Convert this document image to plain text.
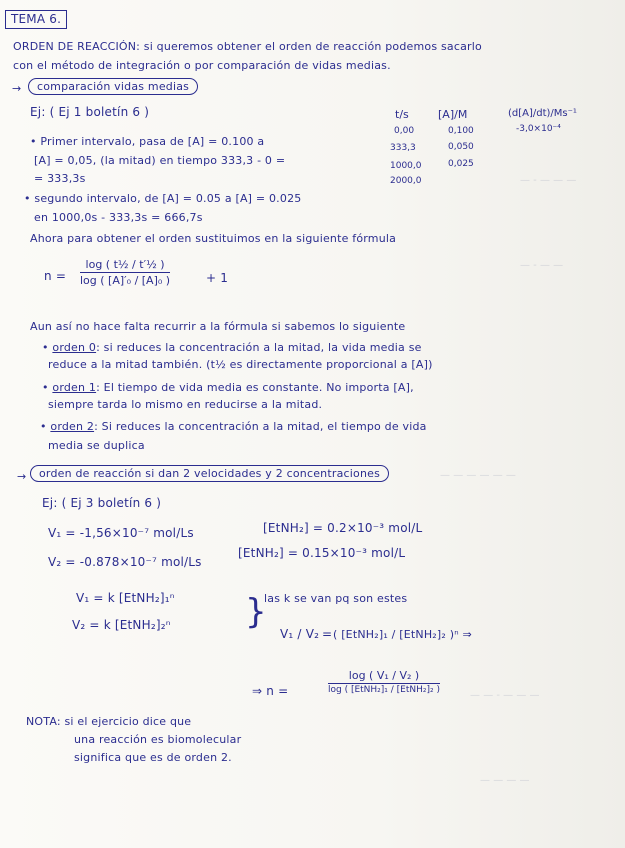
— — — ‑ —
— — ‑ —
— — — — — —
— — — ‑ — —
— — — —
TEMA 6.
ORDEN DE REACCIÓN: si queremos obtener el orden de reacción podemos sacarlo
con el método de integración o por comparación de vidas medias.
→	comparación vidas medias
Ej: ( Ej 1 boletín 6 )	t/s	[A]/M	(d[A]/dt)/Ms⁻¹
0,00	0,100	-3,0×10⁻⁴
333,3	0,050
1000,0	0,025
2000,0
• Primer intervalo, pasa de [A] = 0.100 a
[A] = 0,05, (la mitad) en tiempo 333,3 - 0 =
= 333,3s
• segundo intervalo, de [A] = 0.05 a [A] = 0.025
en 1000,0s - 333,3s = 666,7s
Ahora para obtener el orden sustituimos en la siguiente fórmula
n =
log ( t½ / t′½ )
log ( [A]′₀ / [A]₀ )	+ 1
Aun así no hace falta recurrir a la fórmula si sabemos lo siguiente
• orden 0: si reduces la concentración a la mitad, la vida media se
reduce a la mitad también. (t½ es directamente proporcional a [A])
• orden 1: El tiempo de vida media es constante. No importa [A],
siempre tarda lo mismo en reducirse a la mitad.
• orden 2: Si reduces la concentración a la mitad, el tiempo de vida
media se duplica
→	orden de reacción si dan 2 velocidades y 2 concentraciones
Ej: ( Ej 3 boletín 6 )
V₁ = -1,56×10⁻⁷ mol/Ls	[EtNH₂] = 0.2×10⁻³ mol/L
V₂ = -0.878×10⁻⁷ mol/Ls
[EtNH₂] = 0.15×10⁻³ mol/L
V₁ = k [EtNH₂]₁ⁿ
V₂ = k [EtNH₂]₂ⁿ }
las k se van pq son estes
V₁ / V₂ = ( [EtNH₂]₁ / [EtNH₂]₂ )ⁿ ⇒
⇒ n =
log ( V₁ / V₂ )
log ( [EtNH₂]₁ / [EtNH₂]₂ )
NOTA: si el ejercicio dice que
una reacción es biomolecular
significa que es de orden 2.
